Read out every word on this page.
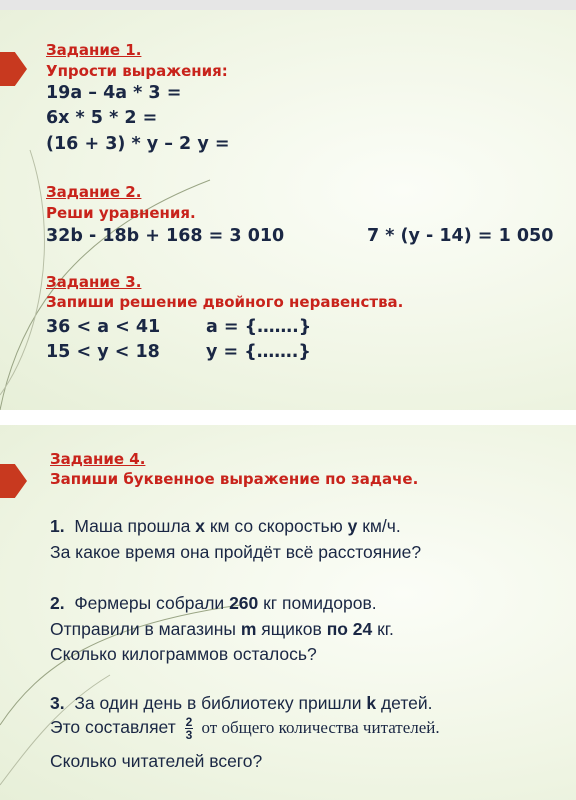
Задание 1.
Упрости выражения:
19a – 4a * 3 =
6x * 5 * 2 =
(16 + 3) * y – 2 y =
Задание 2.
Реши уравнения.
32b - 18b + 168 = 3 010	7 * (y - 14) = 1 050
Задание 3.
Запиши решение двойного неравенства.
36 < a < 41	a = {…….}
15 < y < 18	y = {…….}
Задание 4.
Запиши буквенное выражение по задаче.
1. Маша прошла x км со скоростью y км/ч.
За какое время она пройдёт всё расстояние?
2. Фермеры собрали 260 кг помидоров.
Отправили в магазины m ящиков по 24 кг.
Сколько килограммов осталось?
3. За один день в библиотеку пришли k детей.
Это составляет $\frac{2}{3}$ от общего количества читателей.
Сколько читателей всего?
